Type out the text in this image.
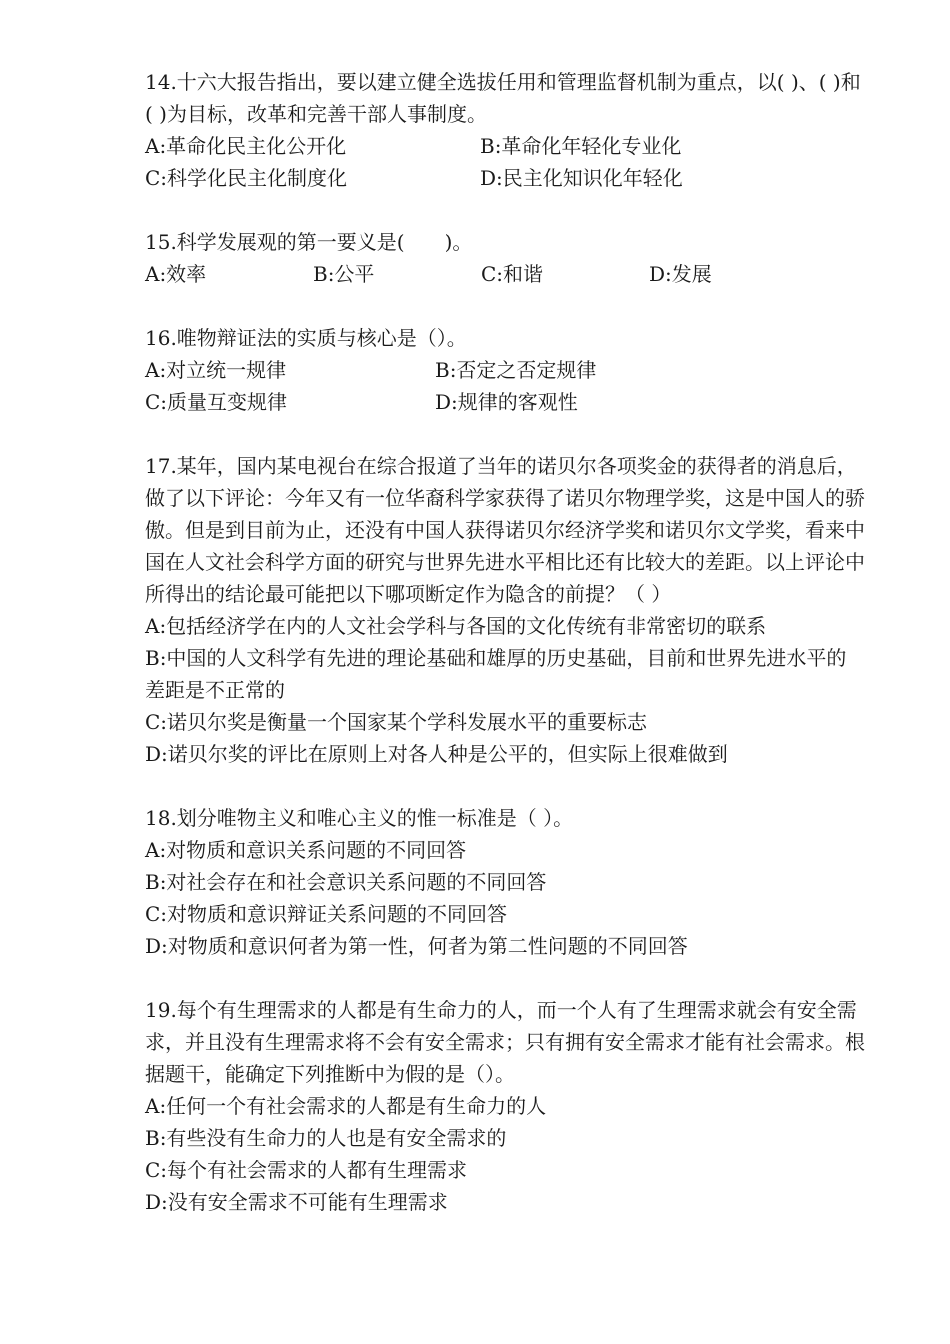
14.十六大报告指出，要以建立健全选拔任用和管理监督机制为重点，以( )、( )和( )为目标，改革和完善干部人事制度。

A:革命化民主化公开化	B:革命化年轻化专业化
C:科学化民主化制度化	D:民主化知识化年轻化

15.科学发展观的第一要义是(　　)。

A:效率	B:公平	C:和谐	D:发展

16.唯物辩证法的实质与核心是（）。

A:对立统一规律	B:否定之否定规律
C:质量互变规律	D:规律的客观性

17.某年，国内某电视台在综合报道了当年的诺贝尔各项奖金的获得者的消息后，做了以下评论：今年又有一位华裔科学家获得了诺贝尔物理学奖，这是中国人的骄傲。但是到目前为止，还没有中国人获得诺贝尔经济学奖和诺贝尔文学奖，看来中国在人文社会科学方面的研究与世界先进水平相比还有比较大的差距。以上评论中所得出的结论最可能把以下哪项断定作为隐含的前提？（ ）

A:包括经济学在内的人文社会学科与各国的文化传统有非常密切的联系

B:中国的人文科学有先进的理论基础和雄厚的历史基础，目前和世界先进水平的差距是不正常的

C:诺贝尔奖是衡量一个国家某个学科发展水平的重要标志

D:诺贝尔奖的评比在原则上对各人种是公平的，但实际上很难做到

18.划分唯物主义和唯心主义的惟一标准是（ ）。

A:对物质和意识关系问题的不同回答

B:对社会存在和社会意识关系问题的不同回答

C:对物质和意识辩证关系问题的不同回答

D:对物质和意识何者为第一性，何者为第二性问题的不同回答

19.每个有生理需求的人都是有生命力的人，而一个人有了生理需求就会有安全需求，并且没有生理需求将不会有安全需求；只有拥有安全需求才能有社会需求。根据题干，能确定下列推断中为假的是（）。

A:任何一个有社会需求的人都是有生命力的人

B:有些没有生命力的人也是有安全需求的

C:每个有社会需求的人都有生理需求

D:没有安全需求不可能有生理需求
